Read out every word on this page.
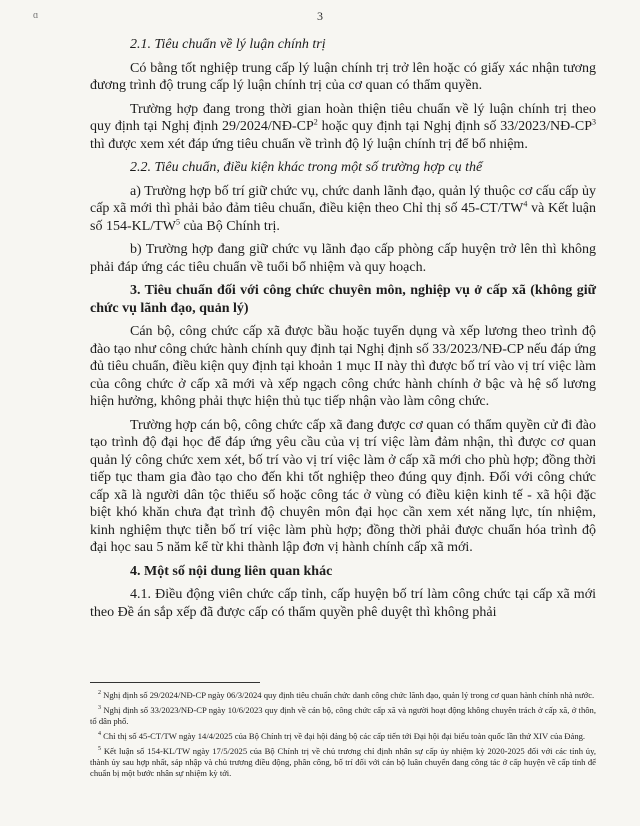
ɑ	3

2.1. Tiêu chuẩn về lý luận chính trị

Có bằng tốt nghiệp trung cấp lý luận chính trị trở lên hoặc có giấy xác nhận tương đương trình độ trung cấp lý luận chính trị của cơ quan có thẩm quyền.

Trường hợp đang trong thời gian hoàn thiện tiêu chuẩn về lý luận chính trị theo quy định tại Nghị định $29/2024/NĐ-CP^2$ hoặc quy định tại Nghị định số $33/2023/NĐ-CP^3$ thì được xem xét đáp ứng tiêu chuẩn về trình độ lý luận chính trị để bổ nhiệm.

2.2. Tiêu chuẩn, điều kiện khác trong một số trường hợp cụ thể

a) Trường hợp bố trí giữ chức vụ, chức danh lãnh đạo, quản lý thuộc cơ cấu cấp ủy cấp xã mới thì phải bảo đảm tiêu chuẩn, điều kiện theo Chỉ thị số $45-CT/TW^4$ và Kết luận số $154-KL/TW^5$ của Bộ Chính trị.

b) Trường hợp đang giữ chức vụ lãnh đạo cấp phòng cấp huyện trở lên thì không phải đáp ứng các tiêu chuẩn về tuổi bổ nhiệm và quy hoạch.

3. Tiêu chuẩn đối với công chức chuyên môn, nghiệp vụ ở cấp xã (không giữ chức vụ lãnh đạo, quản lý)

Cán bộ, công chức cấp xã được bầu hoặc tuyển dụng và xếp lương theo trình độ đào tạo như công chức hành chính quy định tại Nghị định số 33/2023/NĐ-CP nếu đáp ứng đủ tiêu chuẩn, điều kiện quy định tại khoản 1 mục II này thì được bố trí vào vị trí việc làm của công chức ở cấp xã mới và xếp ngạch công chức hành chính ở bậc và hệ số lương hiện hưởng, không phải thực hiện thủ tục tiếp nhận vào làm công chức.

Trường hợp cán bộ, công chức cấp xã đang được cơ quan có thẩm quyền cử đi đào tạo trình độ đại học để đáp ứng yêu cầu của vị trí việc làm đảm nhận, thì được cơ quan quản lý công chức xem xét, bố trí vào vị trí việc làm ở cấp xã mới cho phù hợp; đồng thời tiếp tục tham gia đào tạo cho đến khi tốt nghiệp theo đúng quy định. Đối với công chức cấp xã là người dân tộc thiểu số hoặc công tác ở vùng có điều kiện kinh tế - xã hội đặc biệt khó khăn chưa đạt trình độ chuyên môn đại học cần xem xét năng lực, tín nhiệm, kinh nghiệm thực tiễn bố trí việc làm phù hợp; đồng thời phải được chuẩn hóa trình độ đại học sau 5 năm kể từ khi thành lập đơn vị hành chính cấp xã mới.

4. Một số nội dung liên quan khác

4.1. Điều động viên chức cấp tỉnh, cấp huyện bố trí làm công chức tại cấp xã mới theo Đề án sắp xếp đã được cấp có thẩm quyền phê duyệt thì không phải

$^2$ Nghị định số 29/2024/NĐ-CP ngày 06/3/2024 quy định tiêu chuẩn chức danh công chức lãnh đạo, quản lý trong cơ quan hành chính nhà nước.

$^3$ Nghị định số 33/2023/NĐ-CP ngày 10/6/2023 quy định về cán bộ, công chức cấp xã và người hoạt động không chuyên trách ở cấp xã, ở thôn, tổ dân phố.

$^4$ Chỉ thị số 45-CT/TW ngày 14/4/2025 của Bộ Chính trị về đại hội đảng bộ các cấp tiến tới Đại hội đại biểu toàn quốc lần thứ XIV của Đảng.

$^5$ Kết luận số 154-KL/TW ngày 17/5/2025 của Bộ Chính trị về chủ trương chỉ định nhân sự cấp ủy nhiệm kỳ 2020-2025 đối với các tỉnh ủy, thành ủy sau hợp nhất, sáp nhập và chủ trương điều động, phân công, bố trí đối với cán bộ luân chuyển đang công tác ở cấp huyện về cấp tỉnh để chuẩn bị một bước nhân sự nhiệm kỳ tới.
